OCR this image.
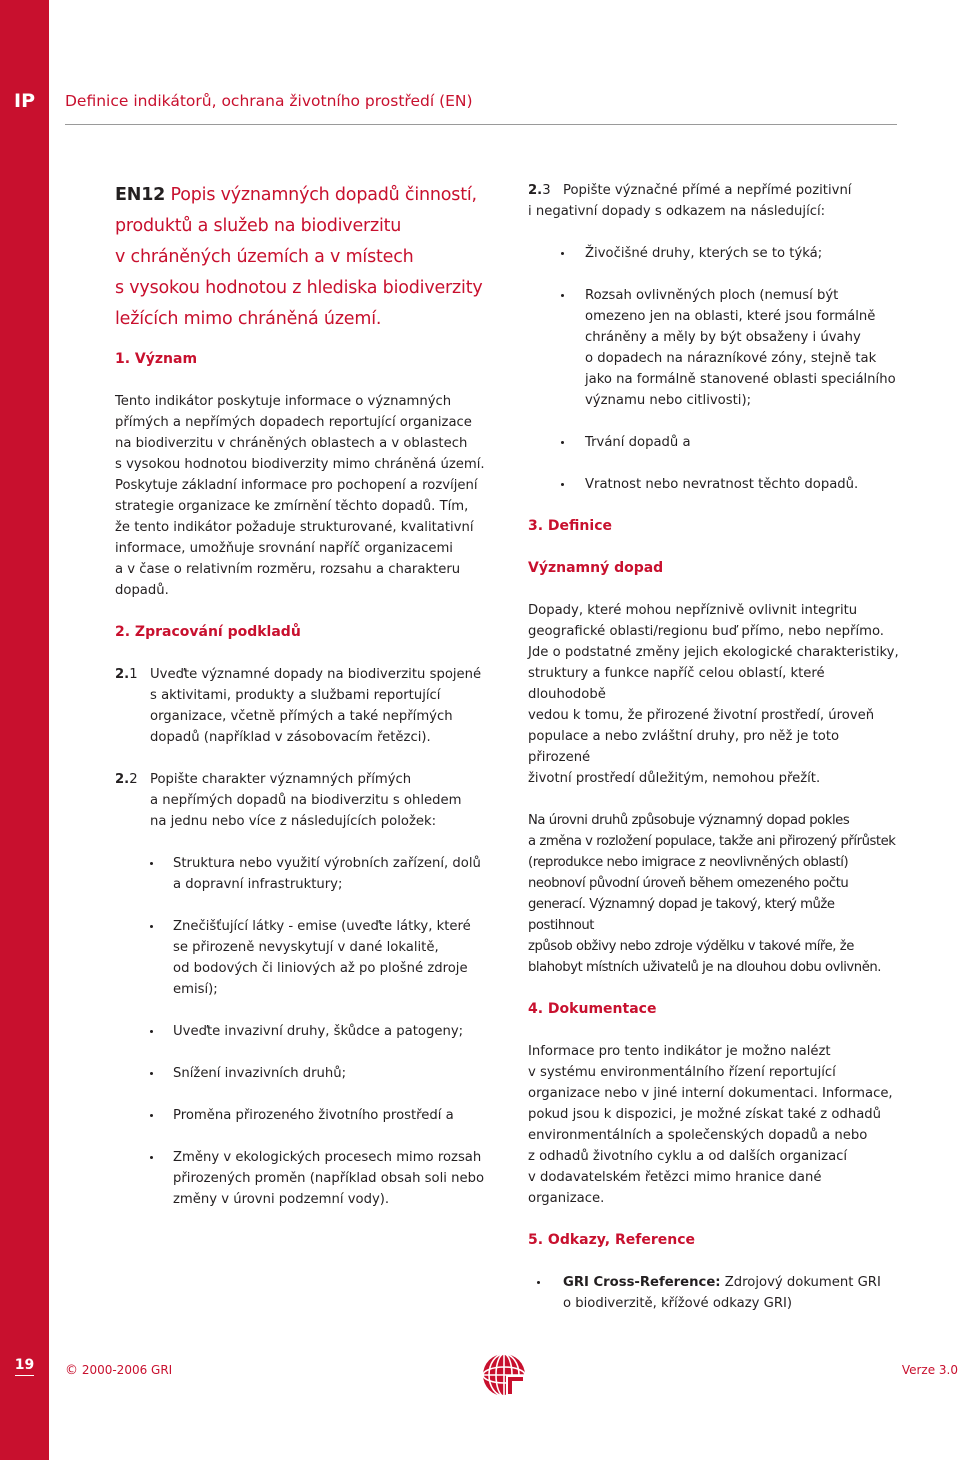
IP	Definice indikátorů, ochrana životního prostředí (EN)
EN12 Popis významných dopadů činností,
produktů a služeb na biodiverzitu
v chráněných územích a v místech
s vysokou hodnotou z hlediska biodiverzity
ležících mimo chráněná území.
1. Význam

Tento indikátor poskytuje informace o významných

přímých a nepřímých dopadech reportující organizace

na biodiverzitu v chráněných oblastech a v oblastech

s vysokou hodnotou biodiverzity mimo chráněná území.

Poskytuje základní informace pro pochopení a rozvíjení

strategie organizace ke zmírnění těchto dopadů. Tím,

že tento indikátor požaduje strukturované, kvalitativní

informace, umožňuje srovnání napříč organizacemi

a v čase o relativním rozměru, rozsahu a charakteru

dopadů.

2. Zpracování podkladů
2.1 Uveďte významné dopady na biodiverzitu spojené

s aktivitami, produkty a službami reportující

organizace, včetně přímých a také nepřímých

dopadů (například v zásobovacím řetězci).

2.2 Popište charakter významných přímých

a nepřímých dopadů na biodiverzitu s ohledem

na jednu nebo více z následujících položek:

Struktura nebo využití výrobních zařízení, dolů

a dopravní infrastruktury;

Znečišťující látky - emise (uveďte látky, které

se přirozeně nevyskytují v dané lokalitě,

od bodových či liniových až po plošné zdroje

emisí);

Uveďte invazivní druhy, škůdce a patogeny;

Snížení invazivních druhů;

Proměna přirozeného životního prostředí a

Změny v ekologických procesech mimo rozsah

přirozených proměn (například obsah soli nebo

změny v úrovni podzemní vody).

2.3 Popište význačné přímé a nepřímé pozitivní

i negativní dopady s odkazem na následující:

Živočišné druhy, kterých se to týká;

Rozsah ovlivněných ploch (nemusí být

omezeno jen na oblasti, které jsou formálně

chráněny a měly by být obsaženy i úvahy

o dopadech na nárazníkové zóny, stejně tak

jako na formálně stanovené oblasti speciálního

významu nebo citlivosti);

Trvání dopadů a

Vratnost nebo nevratnost těchto dopadů.

3. Definice
Významný dopad

Dopady, které mohou nepříznivě ovlivnit integritu

geografické oblasti/regionu buď přímo, nebo nepřímo.

Jde o podstatné změny jejich ekologické charakteristiky,

struktury a funkce napříč celou oblastí, které dlouhodobě

vedou k tomu, že přirozené životní prostředí, úroveň

populace a nebo zvláštní druhy, pro něž je toto přirozené

životní prostředí důležitým, nemohou přežít.

Na úrovni druhů způsobuje významný dopad pokles

a změna v rozložení populace, takže ani přirozený přírůstek

(reprodukce nebo imigrace z neovlivněných oblastí)

neobnoví původní úroveň během omezeného počtu

generací. Významný dopad je takový, který může postihnout

způsob obživy nebo zdroje výdělku v takové míře, že

blahobyt místních uživatelů je na dlouhou dobu ovlivněn.

4. Dokumentace

Informace pro tento indikátor je možno nalézt

v systému environmentálního řízení reportující

organizace nebo v jiné interní dokumentaci. Informace,

pokud jsou k dispozici, je možné získat také z odhadů

environmentálních a společenských dopadů a nebo

z odhadů životního cyklu a od dalších organizací

v dodavatelském řetězci mimo hranice dané organizace.

5. Odkazy, Reference

GRI Cross-Reference: Zdrojový dokument GRI

o biodiverzitě, křížové odkazy GRI)

19	© 2000-2006 GRI	Verze 3.0
